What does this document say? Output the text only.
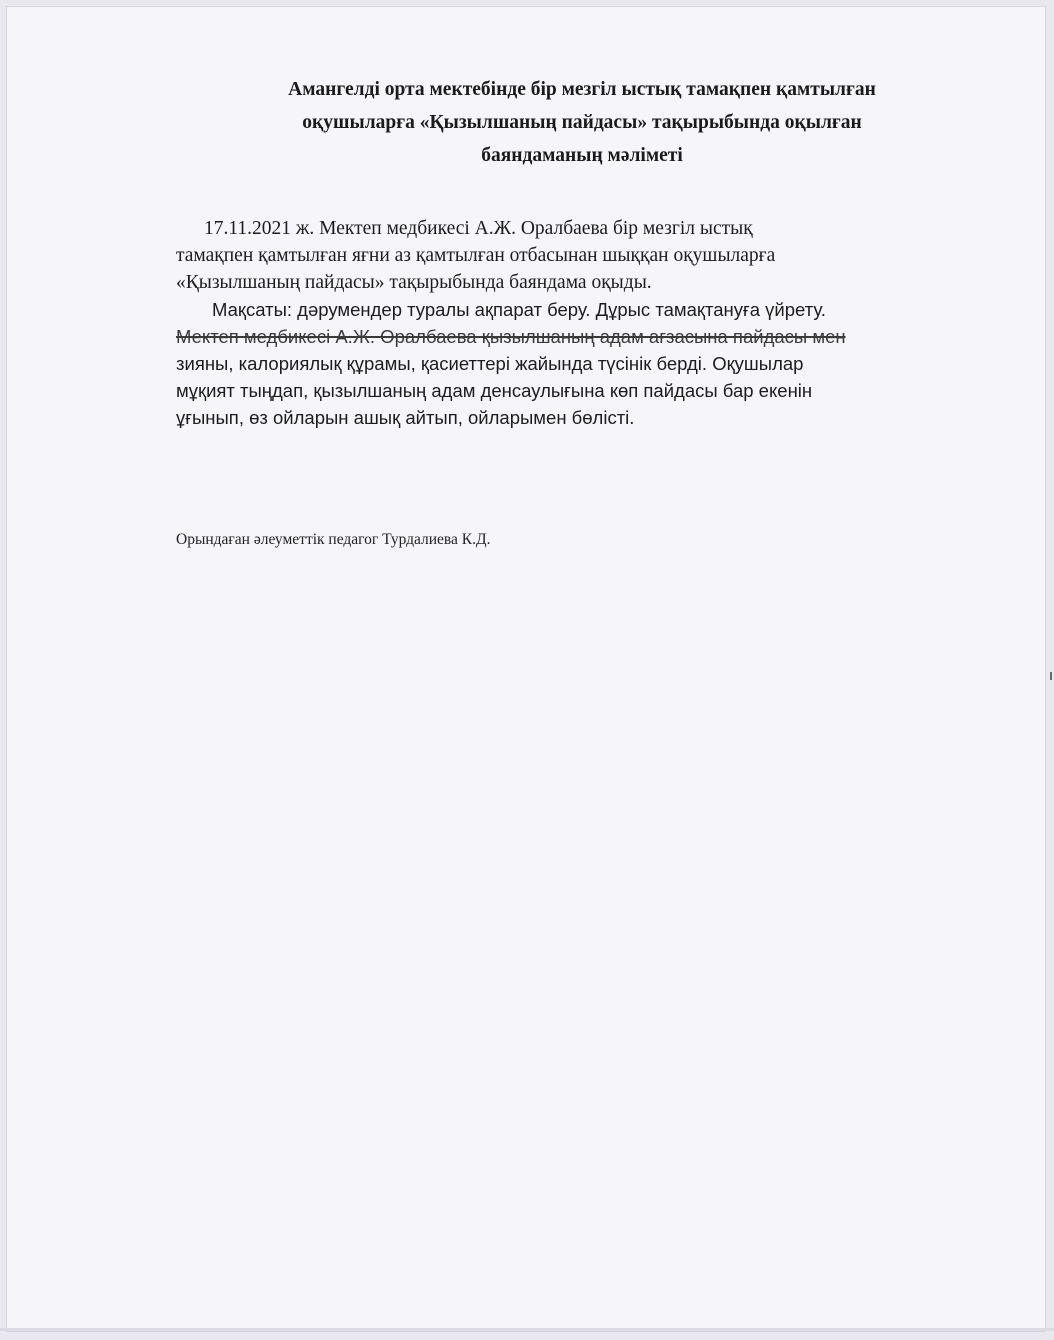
Амангелді орта мектебінде бір мезгіл ыстық тамақпен қамтылған
оқушыларға «Қызылшаның пайдасы» тақырыбында оқылған
баяндаманың мәліметі
17.11.2021 ж. Мектеп медбикесі А.Ж. Оралбаева бір мезгіл ыстық
тамақпен қамтылған яғни аз қамтылған отбасынан шыққан оқушыларға
«Қызылшаның пайдасы» тақырыбында баяндама оқыды.
Мақсаты: дәрумендер туралы ақпарат беру. Дұрыс тамақтануға үйрету.
Мектеп медбикесі А.Ж. Оралбаева қызылшаның адам ағзасына пайдасы мен
зияны, калориялық құрамы, қасиеттері жайында түсінік берді. Оқушылар
мұқият тыңдап, қызылшаның адам денсаулығына көп пайдасы бар екенін
ұғынып, өз ойларын ашық айтып, ойларымен бөлісті.
Орындаған әлеуметтік педагог Турдалиева К.Д.
